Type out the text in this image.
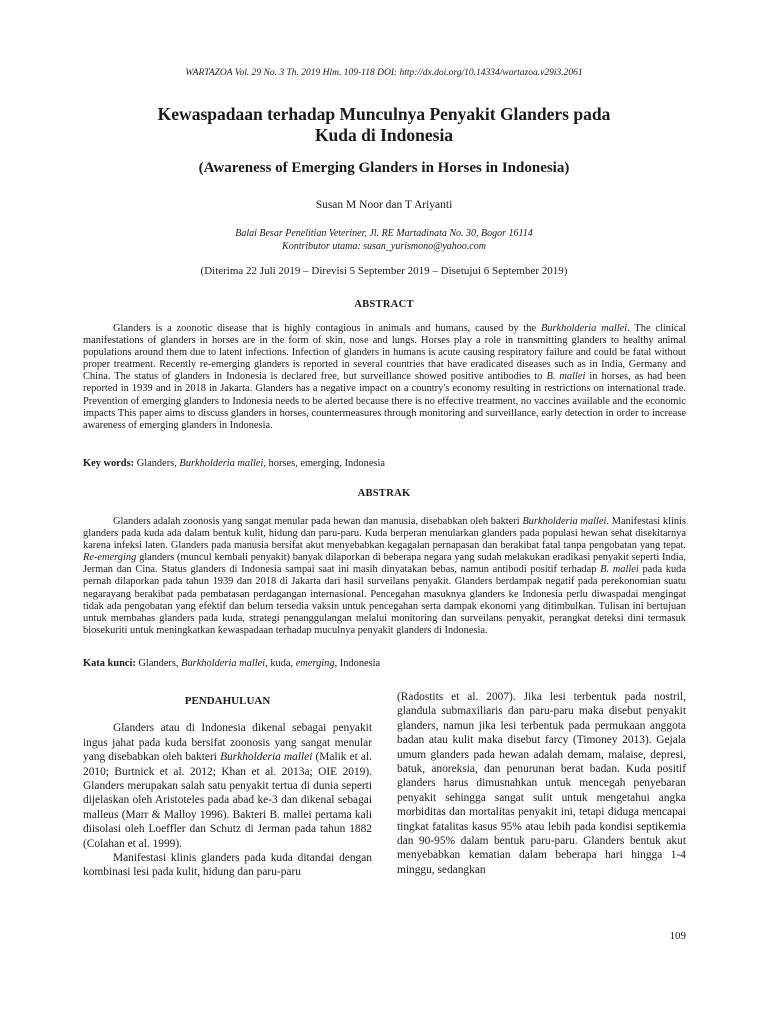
WARTAZOA Vol. 29 No. 3 Th. 2019 Hlm. 109-118 DOI: http://dx.doi.org/10.14334/wartazoa.v29i3.2061
Kewaspadaan terhadap Munculnya Penyakit Glanders pada
Kuda di Indonesia
(Awareness of Emerging Glanders in Horses in Indonesia)
Susan M Noor dan T Ariyanti
Balai Besar Penelitian Veteriner, Jl. RE Martadinata No. 30, Bogor 16114
Kontributor utama: susan_yurismono@yahoo.com
(Diterima 22 Juli 2019 – Direvisi 5 September 2019 – Disetujui 6 September 2019)
ABSTRACT

Glanders is a zoonotic disease that is highly contagious in animals and humans, caused by the Burkholderia mallei. The clinical manifestations of glanders in horses are in the form of skin, nose and lungs. Horses play a role in transmitting glanders to healthy animal populations around them due to latent infections. Infection of glanders in humans is acute causing respiratory failure and could be fatal without proper treatment. Recently re-emerging glanders is reported in several countries that have eradicated diseases such as in India, Germany and China. The status of glanders in Indonesia is declared free, but surveillance showed positive antibodies to B. mallei in horses, as had been reported in 1939 and in 2018 in Jakarta. Glanders has a negative impact on a country's economy resulting in restrictions on international trade. Prevention of emerging glanders to Indonesia needs to be alerted because there is no effective treatment, no vaccines available and the economic impacts This paper aims to discuss glanders in horses, countermeasures through monitoring and surveillance, early detection in order to increase awareness of emerging glanders in Indonesia.

Key words: Glanders, Burkholderia mallei, horses, emerging, Indonesia
ABSTRAK

Glanders adalah zoonosis yang sangat menular pada hewan dan manusia, disebabkan oleh bakteri Burkholderia mallei. Manifestasi klinis glanders pada kuda ada dalam bentuk kulit, hidung dan paru-paru. Kuda berperan menularkan glanders pada populasi hewan sehat disekitarnya karena infeksi laten. Glanders pada manusia bersifat akut menyebabkan kegagalan pernapasan dan berakibat fatal tanpa pengobatan yang tepat. Re-emerging glanders (muncul kembali penyakit) banyak dilaporkan di beberapa negara yang sudah melakukan eradikasi penyakit seperti India, Jerman dan Cina. Status glanders di Indonesia sampai saat ini masih dinyatakan bebas, namun antibodi positif terhadap B. mallei pada kuda pernah dilaporkan pada tahun 1939 dan 2018 di Jakarta dari hasil surveilans penyakit. Glanders berdampak negatif pada perekonomian suatu negarayang berakibat pada pembatasan perdagangan internasional. Pencegahan masuknya glanders ke Indonesia perlu diwaspadai mengingat tidak ada pengobatan yang efektif dan belum tersedia vaksin untuk pencegahan serta dampak ekonomi yang ditimbulkan. Tulisan ini bertujuan untuk membahas glanders pada kuda, strategi penanggulangan melalui monitoring dan surveilans penyakit, perangkat deteksi dini termasuk biosekuriti untuk meningkatkan kewaspadaan terhadap muculnya penyakit glanders di Indonesia.

Kata kunci: Glanders, Burkholderia mallei, kuda, emerging, Indonesia
PENDAHULUAN

Glanders atau di Indonesia dikenal sebagai penyakit ingus jahat pada kuda bersifat zoonosis yang sangat menular yang disebabkan oleh bakteri Burkholderia mallei (Malik et al. 2010; Burtnick et al. 2012; Khan et al. 2013a; OIE 2019). Glanders merupakan salah satu penyakit tertua di dunia seperti dijelaskan oleh Aristoteles pada abad ke-3 dan dikenal sebagai malleus (Marr & Malloy 1996). Bakteri B. mallei pertama kali diisolasi oleh Loeffler dan Schutz di Jerman pada tahun 1882 (Colahan et al. 1999).

Manifestasi klinis glanders pada kuda ditandai dengan kombinasi lesi pada kulit, hidung dan paru-paru

(Radostits et al. 2007). Jika lesi terbentuk pada nostril, glandula submaxiliaris dan paru-paru maka disebut penyakit glanders, namun jika lesi terbentuk pada permukaan anggota badan atau kulit maka disebut farcy (Timoney 2013). Gejala umum glanders pada hewan adalah demam, malaise, depresi, batuk, anoreksia, dan penurunan berat badan. Kuda positif glanders harus dimusnahkan untuk mencegah penyebaran penyakit sehingga sangat sulit untuk mengetahui angka morbiditas dan mortalitas penyakit ini, tetapi diduga mencapai tingkat fatalitas kasus 95% atau lebih pada kondisi septikemia dan 90-95% dalam bentuk paru-paru. Glanders bentuk akut menyebabkan kematian dalam beberapa hari hingga 1-4 minggu, sedangkan

109
